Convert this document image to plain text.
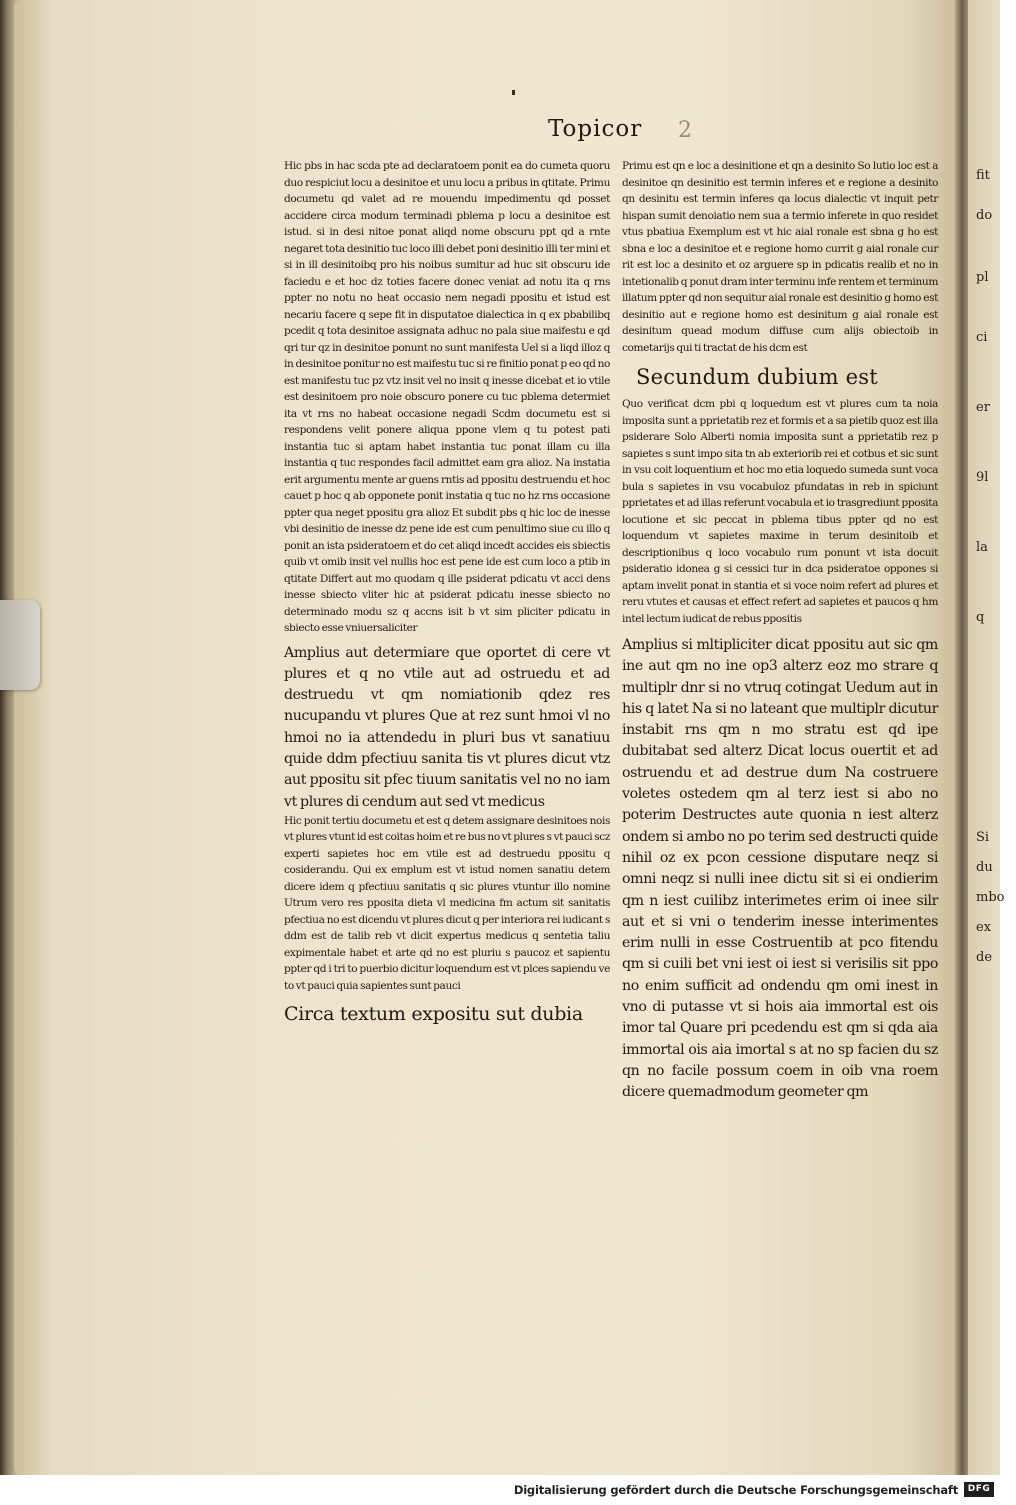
fit
do
pl
ci
er
9l
la
q
Si
du
mbo
ex
de
Topicor 2

Hic pbs in hac scda pte ad declaratoem ponit ea do cumeta quoru duo respiciut locu a desinitoe et unu locu a pribus in qtitate. Primu documetu qd valet ad re mouendu impedimentu qd posset accidere circa modum terminadi pblema p locu a desinitoe est istud. si in desi nitoe ponat aliqd nome obscuru ppt qd a rnte negaret tota desinitio tuc loco illi debet poni desinitio illi ter mini et si in ill desinitoibq pro his noibus sumitur ad huc sit obscuru ide faciedu e et hoc dz toties facere donec veniat ad notu ita q rns ppter no notu no heat occasio nem negadi ppositu et istud est necariu facere q sepe fit in disputatoe dialectica in q ex pbabilibq pcedit q tota desinitoe assignata adhuc no pala siue maifestu e qd qri tur qz in desinitoe ponunt no sunt manifesta Uel si a liqd illoz q in desinitoe ponitur no est maifestu tuc si re finitio ponat p eo qd no est manifestu tuc pz vtz insit vel no insit q inesse dicebat et io vtile est desinitoem pro noie obscuro ponere cu tuc pblema determiet ita vt rns no habeat occasione negadi Scdm documetu est si respondens velit ponere aliqua ppone vlem q tu potest pati instantia tuc si aptam habet instantia tuc ponat illam cu illa instantia q tuc respondes facil admittet eam gra alioz. Na instatia erit argumentu mente ar guens rntis ad ppositu destruendu et hoc cauet p hoc q ab opponete ponit instatia q tuc no hz rns occasione ppter qua neget ppositu gra alioz Et subdit pbs q hic loc de inesse vbi desinitio de inesse dz pene ide est cum penultimo siue cu illo q ponit an ista psideratoem et do cet aliqd incedt accides eis sbiectis quib vt omib insit vel nullis hoc est pene ide est cum loco a ptib in qtitate Differt aut mo quodam q ille psiderat pdicatu vt acci dens inesse sbiecto vliter hic at psiderat pdicatu inesse sbiecto no determinado modu sz q accns isit b vt sim pliciter pdicatu in sbiecto esse vniuersaliciter

Amplius aut determiare que oportet di cere vt plures et q no vtile aut ad ostruedu et ad destruedu vt qm nomiationib qdez res nucupandu vt plures Que at rez sunt hmoi vl no hmoi no ia attendedu in pluri bus vt sanatiuu quide ddm pfectiuu sanita tis vt plures dicut vtz aut ppositu sit pfec tiuum sanitatis vel no no iam vt plures di cendum aut sed vt medicus

Hic ponit tertiu documetu et est q detem assignare desinitoes nois vt plures vtunt id est coitas hoim et re bus no vt plures s vt pauci scz experti sapietes hoc em vtile est ad destruedu ppositu q cosiderandu. Qui ex emplum est vt istud nomen sanatiu detem dicere idem q pfectiuu sanitatis q sic plures vtuntur illo nomine Utrum vero res pposita dieta vl medicina fm actum sit sanitatis pfectiua no est dicendu vt plures dicut q per interiora rei iudicant s ddm est de talib reb vt dicit expertus medicus q sentetia taliu expimentale habet et arte qd no est pluriu s paucoz et sapientu ppter qd i tri to puerbio dicitur loquendum est vt plces sapiendu ve to vt pauci quia sapientes sunt pauci

Circa textum expositu sut dubia

Primu est qn e loc a desinitione et qn a desinito So lutio loc est a desinitoe qn desinitio est termin inferes et e regione a desinito qn desinitu est termin inferes qa locus dialectic vt inquit petr hispan sumit denoiatio nem sua a termio inferete in quo residet vtus pbatiua Exemplum est vt hic aial ronale est sbna g ho est sbna e loc a desinitoe et e regione homo currit g aial ronale cur rit est loc a desinito et oz arguere sp in pdicatis realib et no in intetionalib q ponut dram inter terminu infe rentem et terminum illatum ppter qd non sequitur aial ronale est desinitio g homo est desinitio aut e regione homo est desinitum g aial ronale est desinitum quead modum diffuse cum alijs obiectoib in cometarijs qui ti tractat de his dcm est

Secundum dubium est

Quo verificat dcm pbi q loquedum est vt plures cum ta noia imposita sunt a pprietatib rez et formis et a sa pietib quoz est illa psiderare Solo Alberti nomia imposita sunt a pprietatib rez p sapietes s sunt impo sita tn ab exteriorib rei et cotbus et sic sunt in vsu coit loquentium et hoc mo etia loquedo sumeda sunt voca bula s sapietes in vsu vocabuloz pfundatas in reb in spiciunt pprietates et ad illas referunt vocabula et io trasgrediunt pposita locutione et sic peccat in pblema tibus ppter qd no est loquendum vt sapietes maxime in terum desinitoib et descriptionibus q loco vocabulo rum ponunt vt ista docuit psideratio idonea g si cessici tur in dca psideratoe oppones si aptam invelit ponat in stantia et si voce noim refert ad plures et reru vtutes et causas et effect refert ad sapietes et paucos q hm intel lectum iudicat de rebus ppositis

Amplius si mltipliciter dicat ppositu aut sic qm ine aut qm no ine op3 alterz eoz mo strare q multiplr dnr si no vtruq cotingat Uedum aut in his q latet Na si no lateant que multiplr dicutur instabit rns qm n mo stratu est qd ipe dubitabat sed alterz Dicat locus ouertit et ad ostruendu et ad destrue dum Na costruere voletes ostedem qm al terz iest si abo no poterim Destructes aute quonia n iest alterz ondem si ambo no po terim sed destructi quide nihil oz ex pcon cessione disputare neqz si omni neqz si nulli inee dictu sit si ei ondierim qm n iest cuilibz interimetes erim oi inee silr aut et si vni o tenderim inesse interimentes erim nulli in esse Costruentib at pco fitendu qm si cuili bet vni iest oi iest si verisilis sit ppo no enim sufficit ad ondendu qm omi inest in vno di putasse vt si hois aia immortal est ois imor tal Quare pri pcedendu est qm si qda aia immortal ois aia imortal s at no sp facien du sz qn no facile possum coem in oib vna roem dicere quemadmodum geometer qm

Digitalisierung gefördert durch die Deutsche Forschungsgemeinschaft	DFG
